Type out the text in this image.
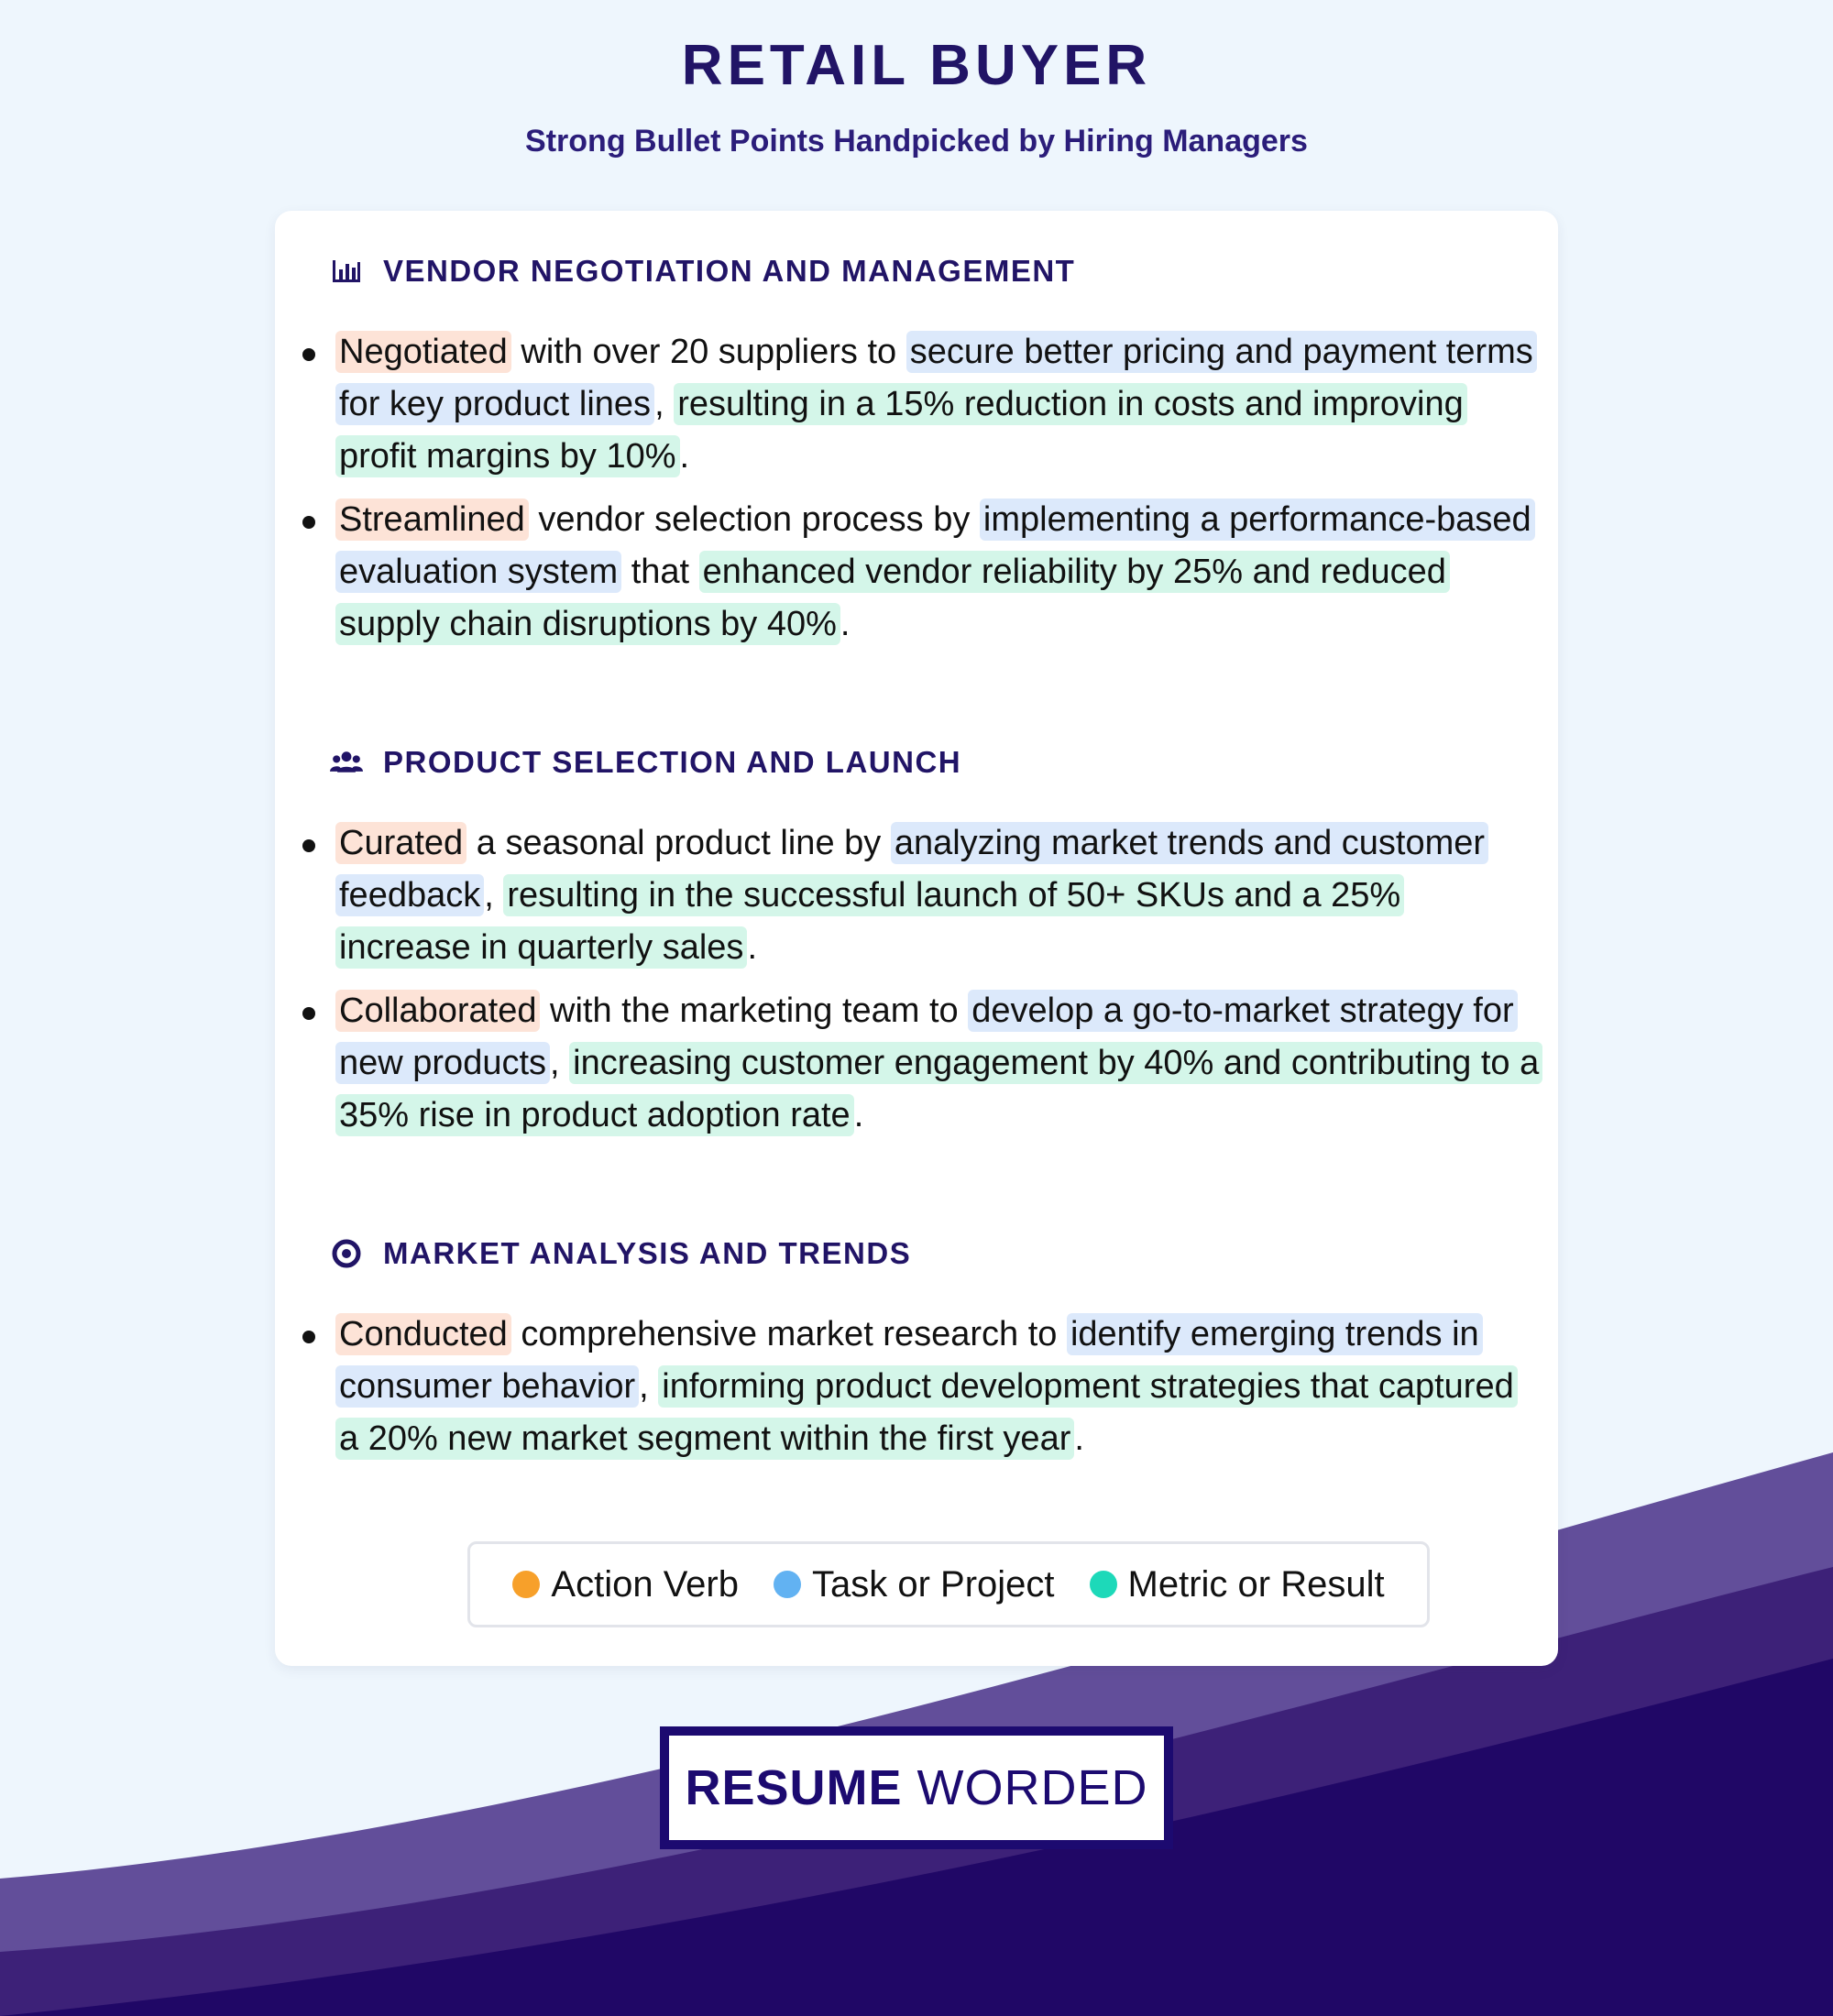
RETAIL BUYER
Strong Bullet Points Handpicked by Hiring Managers
VENDOR NEGOTIATION AND MANAGEMENT
Negotiated with over 20 suppliers to secure better pricing and payment terms for key product lines , resulting in a 15% reduction in costs and improving profit margins by 10% .
Streamlined vendor selection process by implementing a performance-based evaluation system that enhanced vendor reliability by 25% and reduced supply chain disruptions by 40% .
PRODUCT SELECTION AND LAUNCH
Curated a seasonal product line by analyzing market trends and customer feedback , resulting in the successful launch of 50+ SKUs and a 25% increase in quarterly sales .
Collaborated with the marketing team to develop a go-to-market strategy for new products , increasing customer engagement by 40% and contributing to a 35% rise in product adoption rate .
MARKET ANALYSIS AND TRENDS
Conducted comprehensive market research to identify emerging trends in consumer behavior , informing product development strategies that captured a 20% new market segment within the first year .
Action Verb Task or Project Metric or Result
RESUME WORDED
